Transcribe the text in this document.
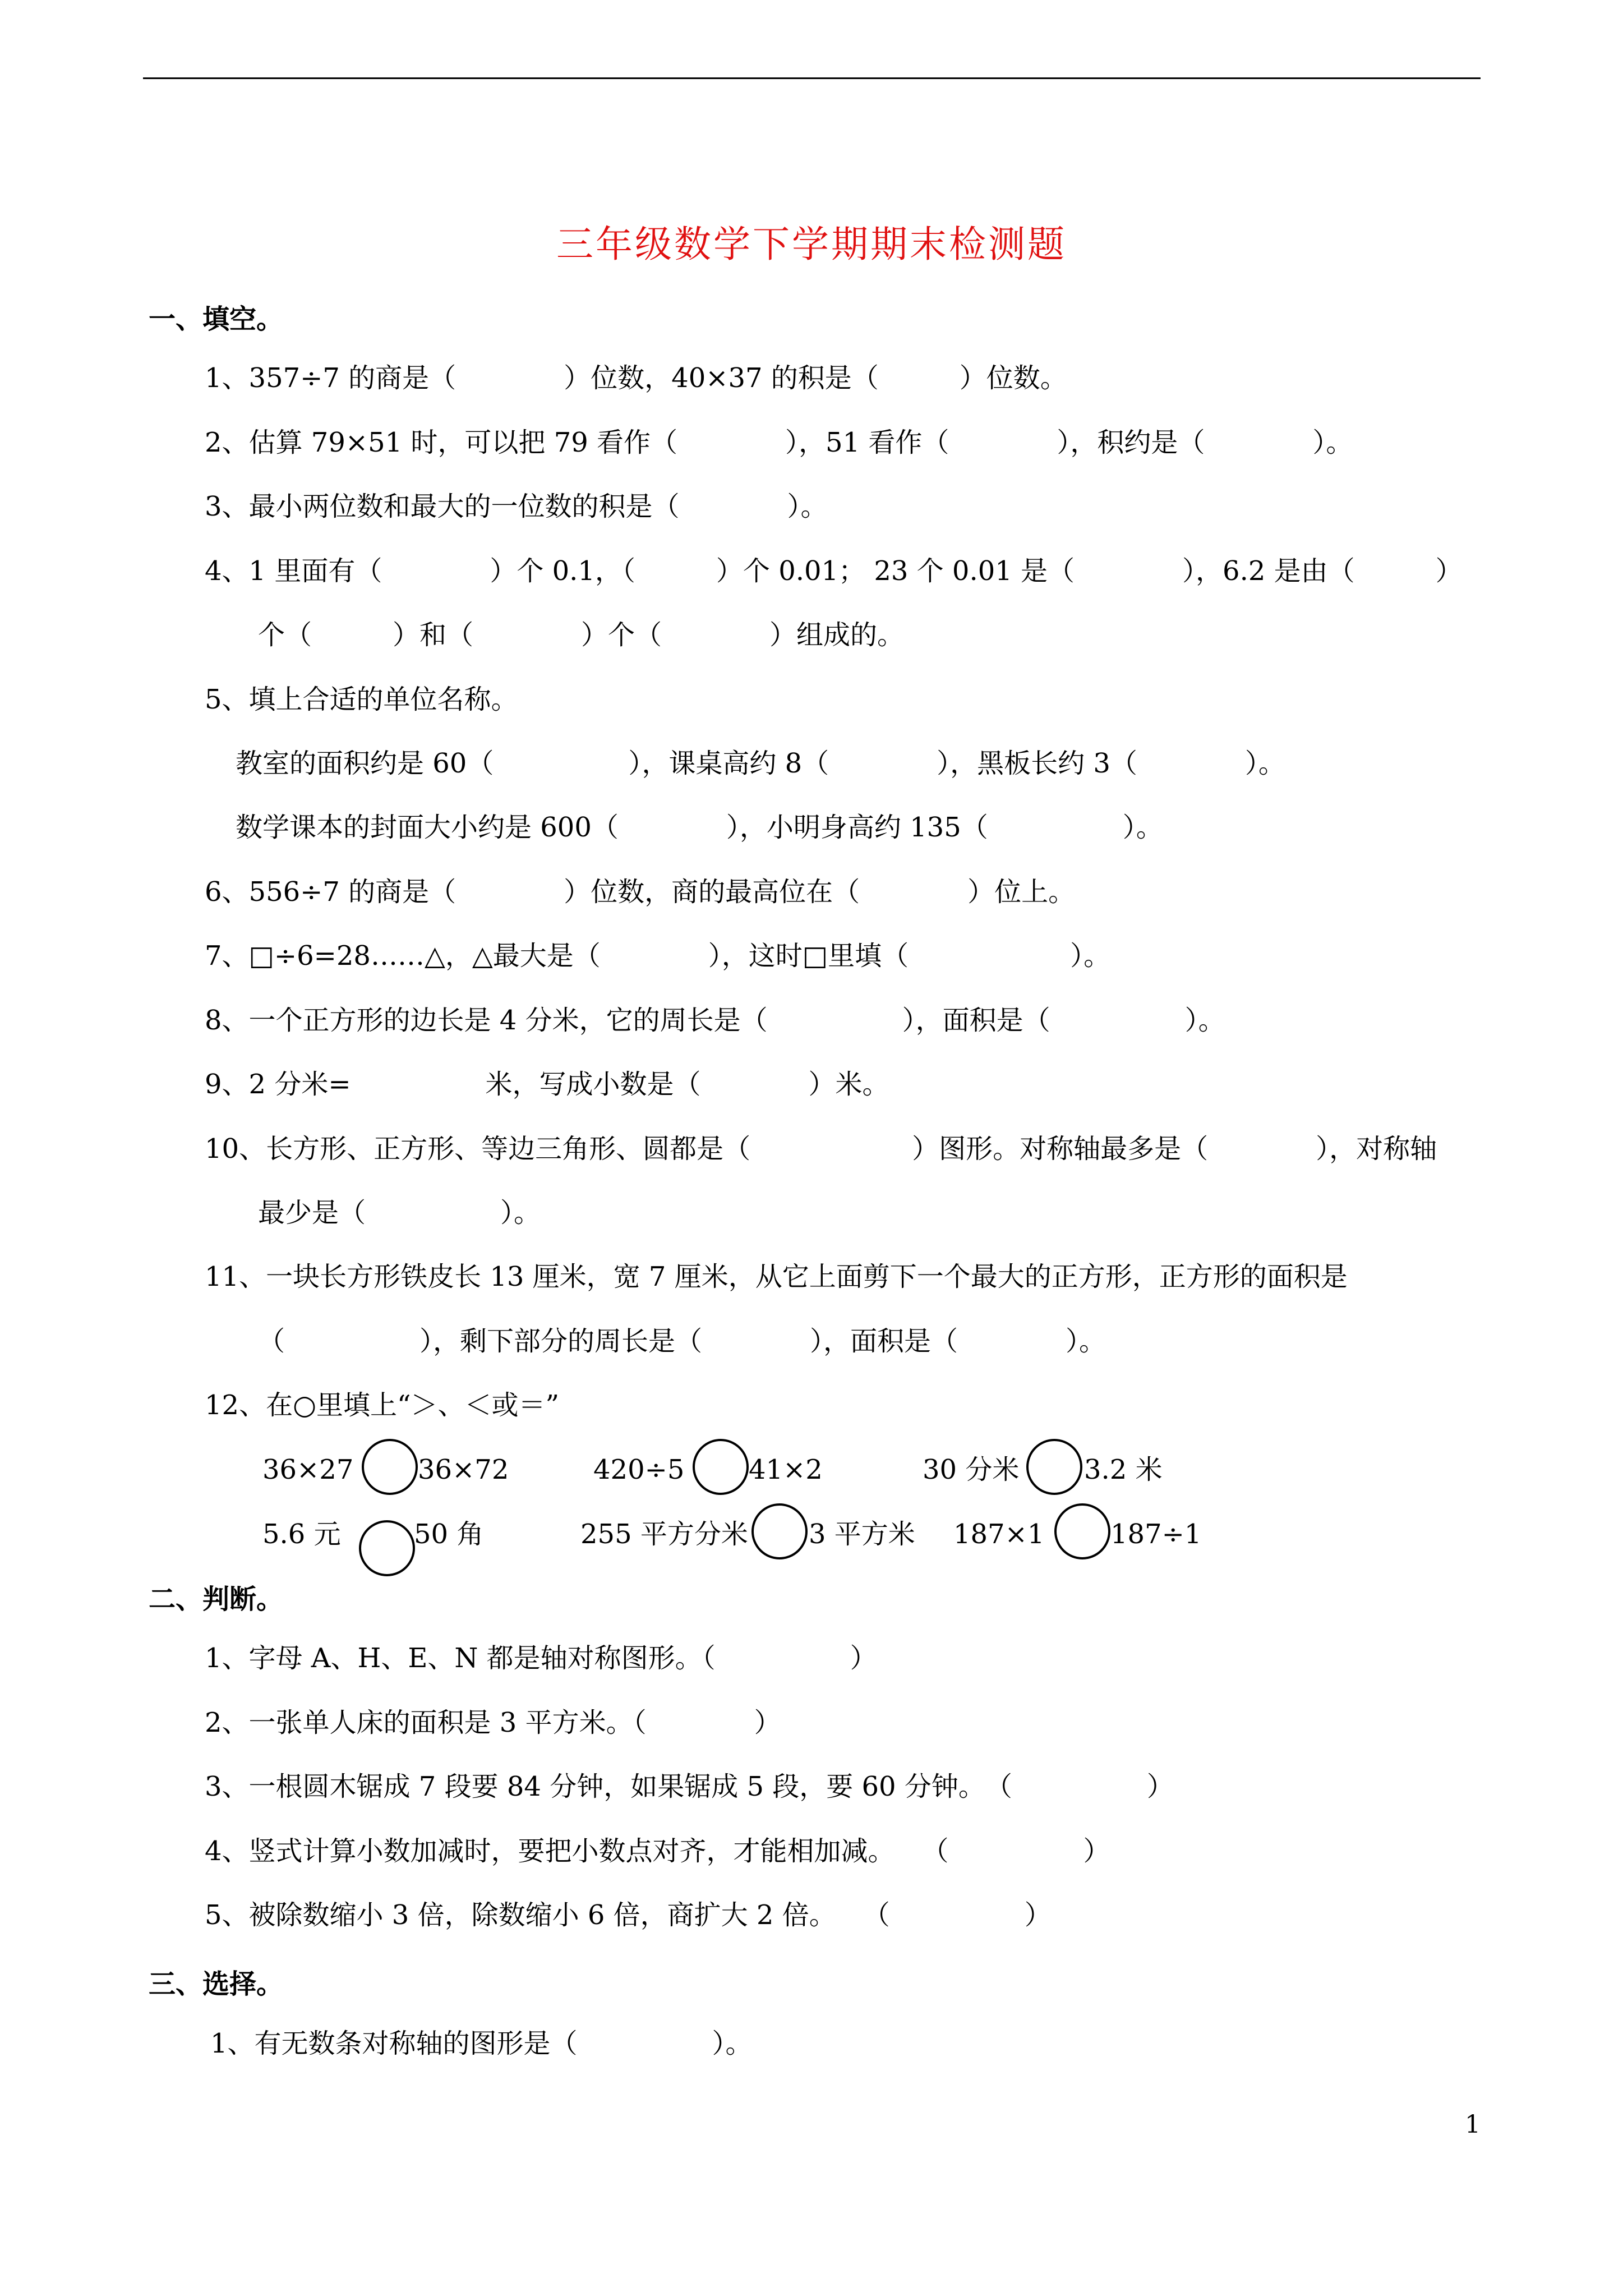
三年级数学下学期期末检测题
一、填空。
1、357÷7 的商是（　　　　）位数，40×37 的积是（　　　）位数。
2、估算 79×51 时，可以把 79 看作（　　　　），51 看作（　　　　），积约是（　　　　）。
3、最小两位数和最大的一位数的积是（　　　　）。
4、1 里面有（　　　　）个 0.1，（　　　）个 0.01； 23 个 0.01 是（　　　　），6.2 是由（　　　）
个（　　　）和（　　　　）个（　　　　）组成的。
5、填上合适的单位名称。
教室的面积约是 60（　　　　　），课桌高约 8（　　　　），黑板长约 3（　　　　）。
数学课本的封面大小约是 600（　　　　），小明身高约 135（　　　　　）。
6、556÷7 的商是（　　　　）位数，商的最高位在（　　　　）位上。
7、□÷6=28……△，△最大是（　　　　），这时□里填（　　　　　　）。
8、一个正方形的边长是 4 分米，它的周长是（　　　　　），面积是（　　　　　）。
9、2 分米=　　　　　米，写成小数是（　　　　）米。
10、长方形、正方形、等边三角形、圆都是（　　　　　　）图形。对称轴最多是（　　　　），对称轴
最少是（　　　　　）。
11、一块长方形铁皮长 13 厘米，宽 7 厘米，从它上面剪下一个最大的正方形，正方形的面积是
（　　　　　），剩下部分的周长是（　　　　），面积是（　　　　）。
12、在○里填上“＞、＜或＝”
36×27 36×72	420÷5 41×2	30 分米 3.2 米
5.6 元	50 角	255 平方分米 3 平方米 187×1 187÷1
二、判断。
1、字母 A、H、E、N 都是轴对称图形。（　　　　　）
2、一张单人床的面积是 3 平方米。（　　　　）
3、一根圆木锯成 7 段要 84 分钟，如果锯成 5 段，要 60 分钟。　（　　　　　）
4、竖式计算小数加减时，要把小数点对齐，才能相加减。　　（　　　　　）
5、被除数缩小 3 倍，除数缩小 6 倍，商扩大 2 倍。　　（　　　　　）
三、选择。
1、有无数条对称轴的图形是（　　　　　）。
1
